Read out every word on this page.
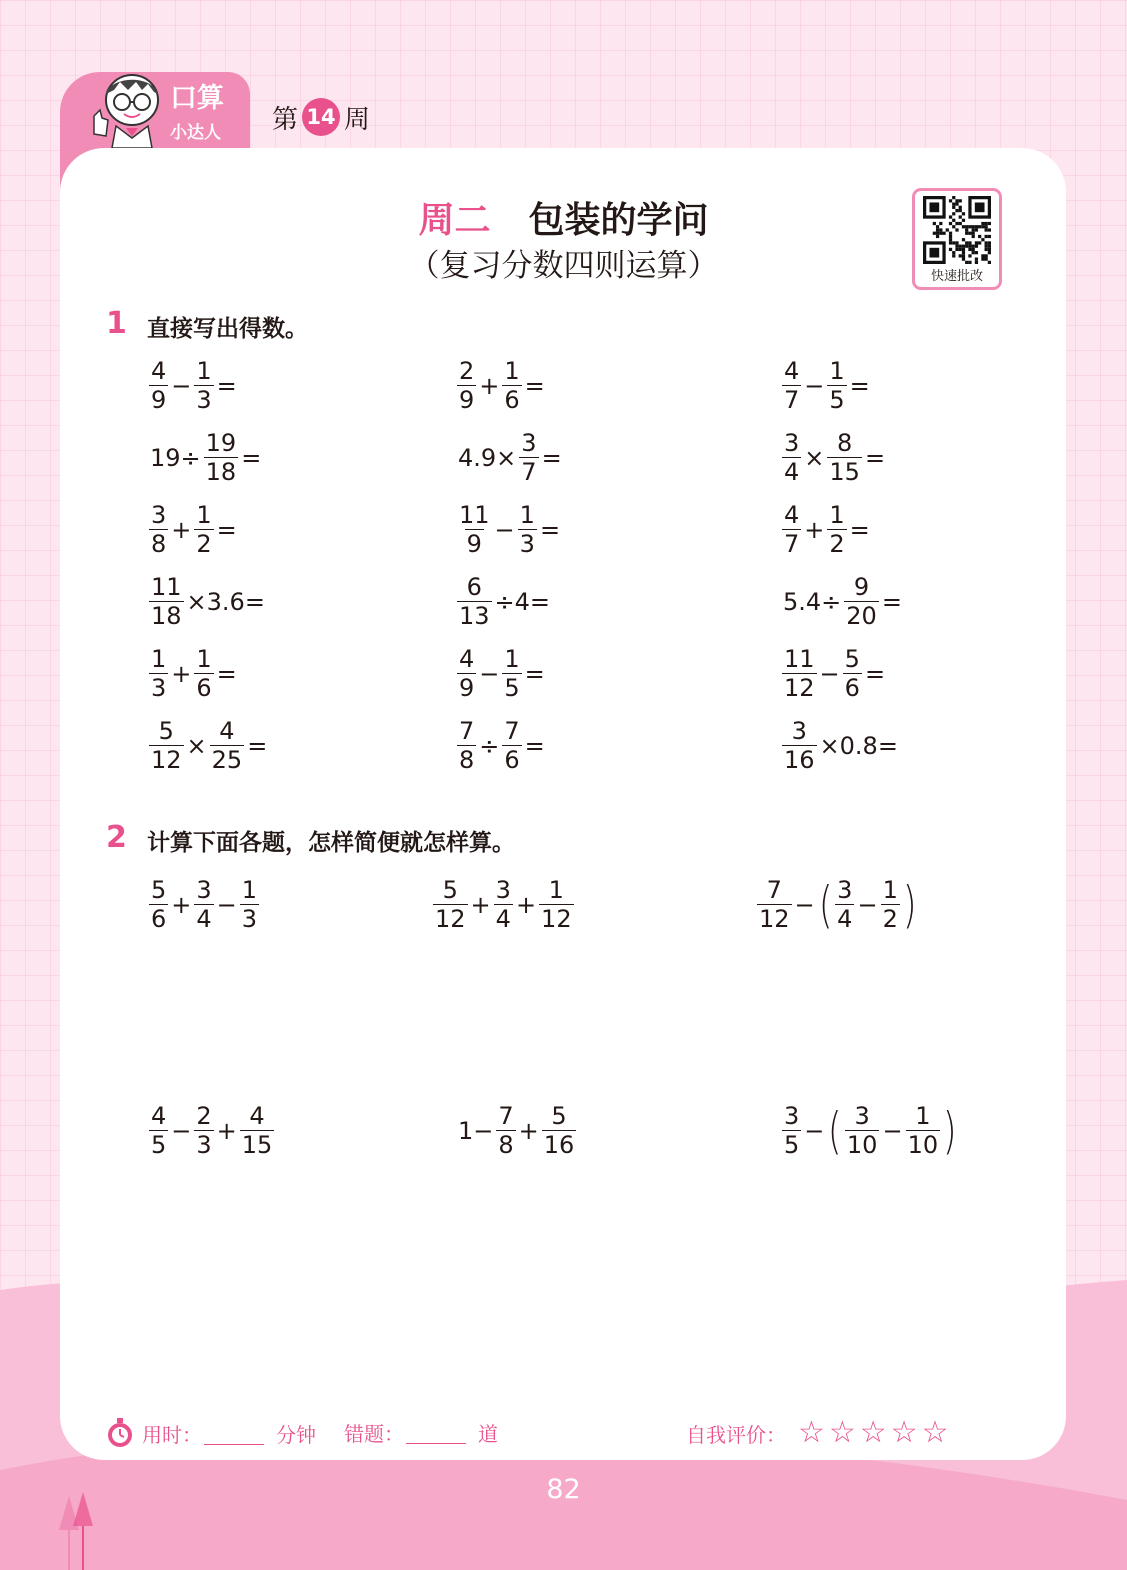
口算
小达人 第 14 周
周二 包装的学问
（复习分数四则运算）	快速批改
1 直接写出得数。
$\frac{4}{9} - \frac{1}{3}$ =	$\frac{2}{9} + \frac{1}{6}$ =	$\frac{4}{7} - \frac{1}{5}$ =
$19\div \frac{19}{18}$ =	$4.9\times \frac{3}{7}$ =	$\frac{3}{4} \times \frac{8}{15}$ =
$\frac{3}{8} + \frac{1}{2}$ =	$\frac{11}{9} - \frac{1}{3}$ =	$\frac{4}{7} + \frac{1}{2}$ =
$\frac{11}{18} \times 3.6=$	$\frac{6}{13} \div 4=$	$5.4\div \frac{9}{20}$ =
$\frac{1}{3} + \frac{1}{6}$ =	$\frac{4}{9} - \frac{1}{5}$ =	$\frac{11}{12} - \frac{5}{6}$ =
$\frac{5}{12} \times \frac{4}{25}$ =	$\frac{7}{8} \div \frac{7}{6}$ =	$\frac{3}{16} \times 0.8=$
2 计算下面各题，怎样简便就怎样算。
$\frac{5}{6} + \frac{3}{4} - \frac{1}{3}$	$\frac{5}{12} + \frac{3}{4} + \frac{1}{12}$	$\frac{7}{12}$ − ( $\frac{3}{4} - \frac{1}{2}$ )
$\frac{4}{5} - \frac{2}{3} + \frac{4}{15}$	$1- \frac{7}{8} + \frac{5}{16}$	$\frac{3}{5}$ − ( $\frac{3}{10} - \frac{1}{10}$ )
用时：	分钟 错题：	道	自我评价： ☆☆☆☆☆
82
